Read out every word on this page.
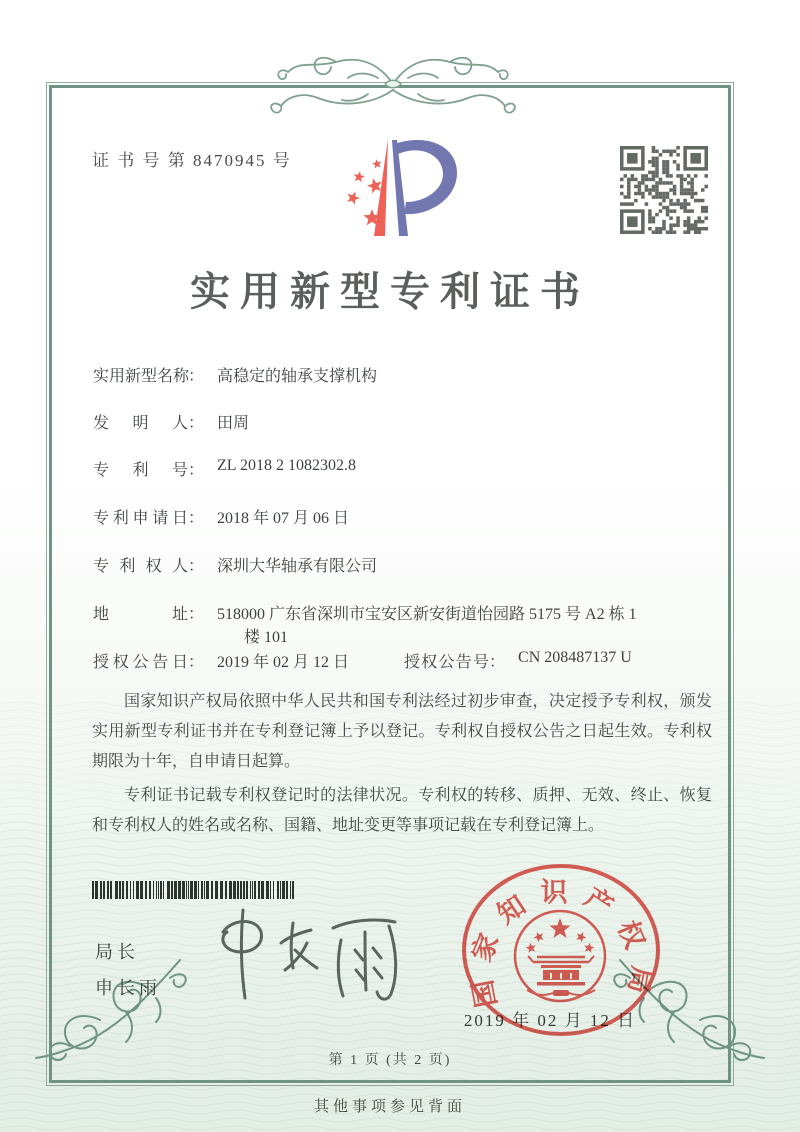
证 书 号 第 8470945 号
实用新型专利证书
实用新型名称： 高稳定的轴承支撑机构
发明人： 田周
专利号： ZL 2018 2 1082302.8
专利申请日： 2018 年 07 月 06 日
专利权人： 深圳大华轴承有限公司
地址： 518000 广东省深圳市宝安区新安街道怡园路 5175 号 A2 栋 1
楼 101
授权公告日： 2019 年 02 月 12 日	授权公告号： CN 208487137 U

国家知识产权局依照中华人民共和国专利法经过初步审查，决定授予专利权，颁发实用新型专利证书并在专利登记簿上予以登记。专利权自授权公告之日起生效。专利权期限为十年，自申请日起算。

专利证书记载专利权登记时的法律状况。专利权的转移、质押、无效、终止、恢复和专利权人的姓名或名称、国籍、地址变更等事项记载在专利登记簿上。

局长
申长雨
2019 年 02 月 12 日
国家知识产权局
第 1 页 (共 2 页)
其他事项参见背面
